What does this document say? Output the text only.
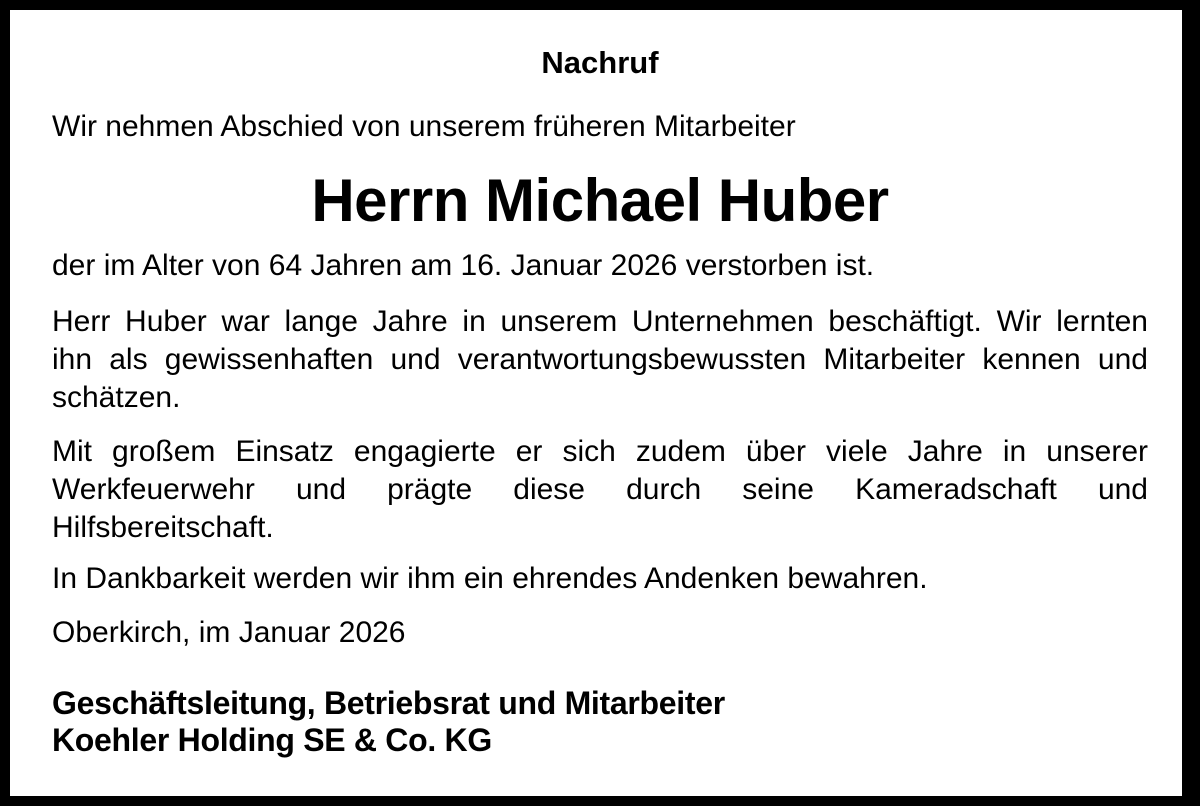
Nachruf
Wir nehmen Abschied von unserem früheren Mitarbeiter
Herrn Michael Huber
der im Alter von 64 Jahren am 16. Januar 2026 verstorben ist.
Herr Huber war lange Jahre in unserem Unternehmen beschäftigt. Wir lernten
ihn als gewissenhaften und verantwortungsbewussten Mitarbeiter kennen und
schätzen.
Mit großem Einsatz engagierte er sich zudem über viele Jahre in unserer
Werkfeuerwehr und prägte diese durch seine Kameradschaft und
Hilfsbereitschaft.
In Dankbarkeit werden wir ihm ein ehrendes Andenken bewahren.
Oberkirch, im Januar 2026
Geschäftsleitung, Betriebsrat und Mitarbeiter
Koehler Holding SE & Co. KG
